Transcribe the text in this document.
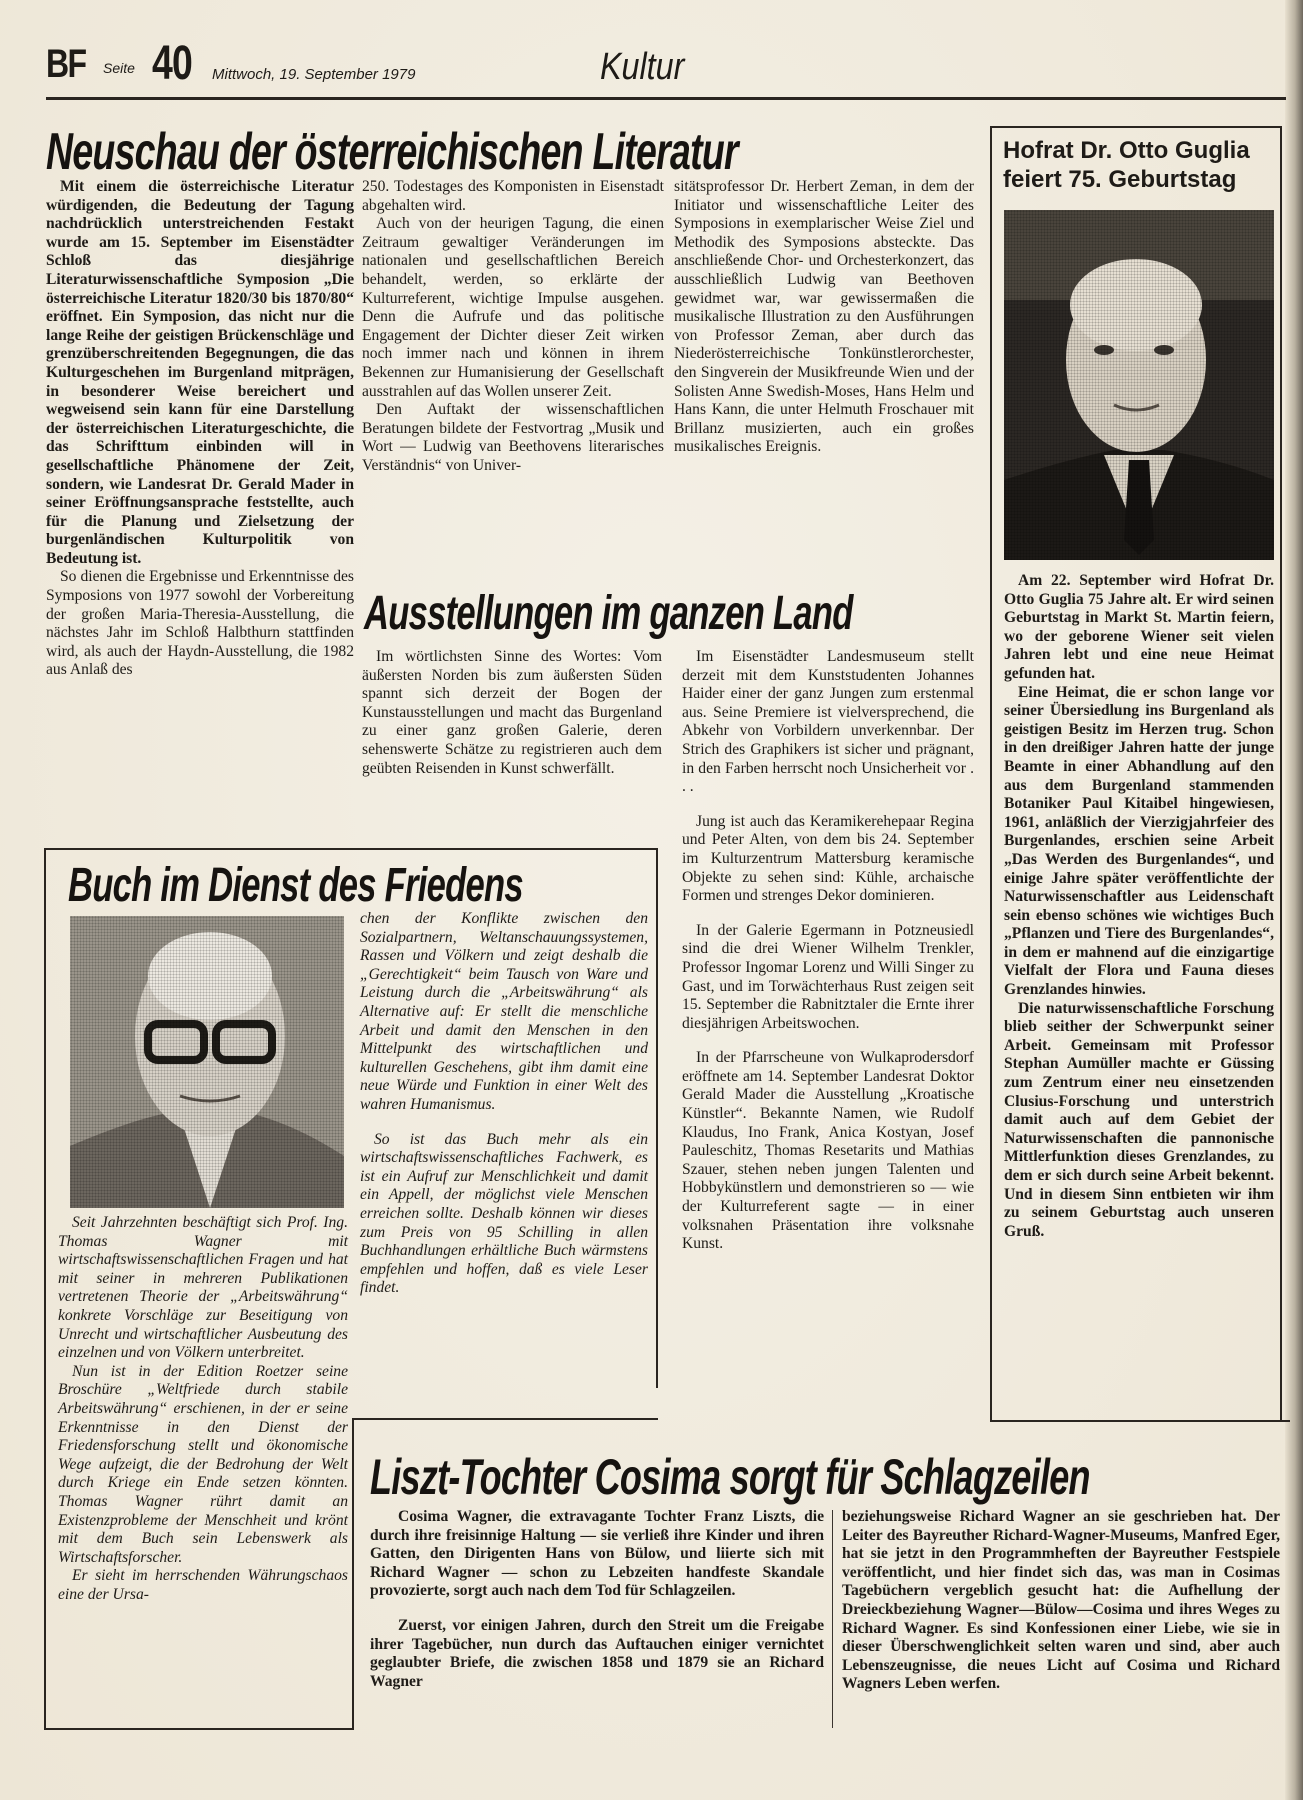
BF Seite 40 Mittwoch, 19. September 1979	Kultur
Neuschau der österreichischen Literatur

Mit einem die österreichische Literatur würdigenden, die Bedeutung der Tagung nachdrücklich unterstreichenden Festakt wurde am 15. September im Eisenstädter Schloß das diesjährige Literaturwissenschaftliche Symposion „Die österreichische Literatur 1820/30 bis 1870/80“ eröffnet. Ein Symposion, das nicht nur die lange Reihe der geistigen Brückenschläge und grenzüberschreitenden Begegnungen, die das Kulturgeschehen im Burgenland mitprägen, in besonderer Weise bereichert und wegweisend sein kann für eine Darstellung der österreichischen Literaturgeschichte, die das Schrifttum einbinden will in gesellschaftliche Phänomene der Zeit, sondern, wie Landesrat Dr. Gerald Mader in seiner Eröffnungsansprache feststellte, auch für die Planung und Zielsetzung der burgenländischen Kulturpolitik von Bedeutung ist.

So dienen die Ergebnisse und Erkenntnisse des Symposions von 1977 sowohl der Vorbereitung der großen Maria-Theresia-Ausstellung, die nächstes Jahr im Schloß Halbthurn stattfinden wird, als auch der Haydn-Ausstellung, die 1982 aus Anlaß des

250. Todestages des Komponisten in Eisenstadt abgehalten wird.

Auch von der heurigen Tagung, die einen Zeitraum gewaltiger Veränderungen im nationalen und gesellschaftlichen Bereich behandelt, werden, so erklärte der Kulturreferent, wichtige Impulse ausgehen. Denn die Aufrufe und das politische Engagement der Dichter dieser Zeit wirken noch immer nach und können in ihrem Bekennen zur Humanisierung der Gesellschaft ausstrahlen auf das Wollen unserer Zeit.

Den Auftakt der wissenschaftlichen Beratungen bildete der Festvortrag „Musik und Wort — Ludwig van Beethovens literarisches Verständnis“ von Univer-

sitätsprofessor Dr. Herbert Zeman, in dem der Initiator und wissenschaftliche Leiter des Symposions in exemplarischer Weise Ziel und Methodik des Symposions absteckte. Das anschließende Chor- und Orchesterkonzert, das ausschließlich Ludwig van Beethoven gewidmet war, war gewissermaßen die musikalische Illustration zu den Ausführungen von Professor Zeman, aber durch das Niederösterreichische Tonkünstlerorchester, den Singverein der Musikfreunde Wien und der Solisten Anne Swedish-Moses, Hans Helm und Hans Kann, die unter Helmuth Froschauer mit Brillanz musizierten, auch ein großes musikalisches Ereignis.

Hofrat Dr. Otto Guglia feiert 75. Geburtstag

Am 22. September wird Hofrat Dr. Otto Guglia 75 Jahre alt. Er wird seinen Geburtstag in Markt St. Martin feiern, wo der geborene Wiener seit vielen Jahren lebt und eine neue Heimat gefunden hat.

Eine Heimat, die er schon lange vor seiner Übersiedlung ins Burgenland als geistigen Besitz im Herzen trug. Schon in den dreißiger Jahren hatte der junge Beamte in einer Abhandlung auf den aus dem Burgenland stammenden Botaniker Paul Kitaibel hingewiesen, 1961, anläßlich der Vierzigjahrfeier des Burgenlandes, erschien seine Arbeit „Das Werden des Burgenlandes“, und einige Jahre später veröffentlichte der Naturwissenschaftler aus Leidenschaft sein ebenso schönes wie wichtiges Buch „Pflanzen und Tiere des Burgenlandes“, in dem er mahnend auf die einzigartige Vielfalt der Flora und Fauna dieses Grenzlandes hinwies.

Die naturwissenschaftliche Forschung blieb seither der Schwerpunkt seiner Arbeit. Gemeinsam mit Professor Stephan Aumüller machte er Güssing zum Zentrum einer neu einsetzenden Clusius-Forschung und unterstrich damit auch auf dem Gebiet der Naturwissenschaften die pannonische Mittlerfunktion dieses Grenzlandes, zu dem er sich durch seine Arbeit bekennt. Und in diesem Sinn entbieten wir ihm zu seinem Geburtstag auch unseren Gruß.

Ausstellungen im ganzen Land

Im wörtlichsten Sinne des Wortes: Vom äußersten Norden bis zum äußersten Süden spannt sich derzeit der Bogen der Kunstausstellungen und macht das Burgenland zu einer ganz großen Galerie, deren sehenswerte Schätze zu registrieren auch dem geübten Reisenden in Kunst schwerfällt.

Im Eisenstädter Landesmuseum stellt derzeit mit dem Kunststudenten Johannes Haider einer der ganz Jungen zum erstenmal aus. Seine Premiere ist vielversprechend, die Abkehr von Vorbildern unverkennbar. Der Strich des Graphikers ist sicher und prägnant, in den Farben herrscht noch Unsicherheit vor . . .

Jung ist auch das Keramikerehepaar Regina und Peter Alten, von dem bis 24. September im Kulturzentrum Mattersburg keramische Objekte zu sehen sind: Kühle, archaische Formen und strenges Dekor dominieren.

In der Galerie Egermann in Potzneusiedl sind die drei Wiener Wilhelm Trenkler, Professor Ingomar Lorenz und Willi Singer zu Gast, und im Torwächterhaus Rust zeigen seit 15. September die Rabnitztaler die Ernte ihrer diesjährigen Arbeitswochen.

In der Pfarrscheune von Wulkaprodersdorf eröffnete am 14. September Landesrat Doktor Gerald Mader die Ausstellung „Kroatische Künstler“. Bekannte Namen, wie Rudolf Klaudus, Ino Frank, Anica Kostyan, Josef Pauleschitz, Thomas Resetarits und Mathias Szauer, stehen neben jungen Talenten und Hobbykünstlern und demonstrieren so — wie der Kulturreferent sagte — in einer volksnahen Präsentation ihre volksnahe Kunst.

Buch im Dienst des Friedens

Seit Jahrzehnten beschäftigt sich Prof. Ing. Thomas Wagner mit wirtschaftswissenschaftlichen Fragen und hat mit seiner in mehreren Publikationen vertretenen Theorie der „Arbeitswährung“ konkrete Vorschläge zur Beseitigung von Unrecht und wirtschaftlicher Ausbeutung des einzelnen und von Völkern unterbreitet.

Nun ist in der Edition Roetzer seine Broschüre „Weltfriede durch stabile Arbeitswährung“ erschienen, in der er seine Erkenntnisse in den Dienst der Friedensforschung stellt und ökonomische Wege aufzeigt, die der Bedrohung der Welt durch Kriege ein Ende setzen könnten. Thomas Wagner rührt damit an Existenzprobleme der Menschheit und krönt mit dem Buch sein Lebenswerk als Wirtschaftsforscher.

Er sieht im herrschenden Währungschaos eine der Ursa-

chen der Konflikte zwischen den Sozialpartnern, Weltanschauungssystemen, Rassen und Völkern und zeigt deshalb die „Gerechtigkeit“ beim Tausch von Ware und Leistung durch die „Arbeitswährung“ als Alternative auf: Er stellt die menschliche Arbeit und damit den Menschen in den Mittelpunkt des wirtschaftlichen und kulturellen Geschehens, gibt ihm damit eine neue Würde und Funktion in einer Welt des wahren Humanismus.

So ist das Buch mehr als ein wirtschaftswissenschaftliches Fachwerk, es ist ein Aufruf zur Menschlichkeit und damit ein Appell, der möglichst viele Menschen erreichen sollte. Deshalb können wir dieses zum Preis von 95 Schilling in allen Buchhandlungen erhältliche Buch wärmstens empfehlen und hoffen, daß es viele Leser findet.

Liszt-Tochter Cosima sorgt für Schlagzeilen

Cosima Wagner, die extravagante Tochter Franz Liszts, die durch ihre freisinnige Haltung — sie verließ ihre Kinder und ihren Gatten, den Dirigenten Hans von Bülow, und liierte sich mit Richard Wagner — schon zu Lebzeiten handfeste Skandale provozierte, sorgt auch nach dem Tod für Schlagzeilen.

Zuerst, vor einigen Jahren, durch den Streit um die Freigabe ihrer Tagebücher, nun durch das Auftauchen einiger vernichtet geglaubter Briefe, die zwischen 1858 und 1879 sie an Richard Wagner

beziehungsweise Richard Wagner an sie geschrieben hat. Der Leiter des Bayreuther Richard-Wagner-Museums, Manfred Eger, hat sie jetzt in den Programmheften der Bayreuther Festspiele veröffentlicht, und hier findet sich das, was man in Cosimas Tagebüchern vergeblich gesucht hat: die Aufhellung der Dreieckbeziehung Wagner—Bülow—Cosima und ihres Weges zu Richard Wagner. Es sind Konfessionen einer Liebe, wie sie in dieser Überschwenglichkeit selten waren und sind, aber auch Lebenszeugnisse, die neues Licht auf Cosima und Richard Wagners Leben werfen.
